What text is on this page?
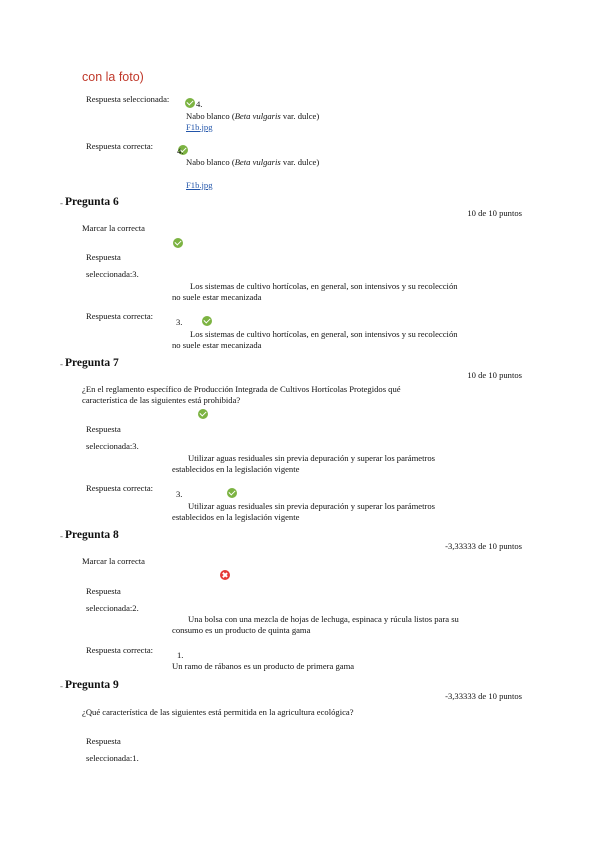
con la foto)
Respuesta seleccionada:
	4.
Nabo blanco (Beta vulgaris var. dulce)
F1b.jpg
Respuesta correcta:
	4.
Nabo blanco (Beta vulgaris var. dulce)
F1b.jpg
- Pregunta 6
10 de 10 puntos
Marcar la correcta

Respuesta
seleccionada:3.
Los sistemas de cultivo hortícolas, en general, son intensivos y su recolección
no suele estar mecanizada
Respuesta correcta:

3.
Los sistemas de cultivo hortícolas, en general, son intensivos y su recolección
no suele estar mecanizada
- Pregunta 7
10 de 10 puntos
¿En el reglamento específico de Producción Integrada de Cultivos Hortícolas Protegidos qué
característica de las siguientes está prohibida?

Respuesta
seleccionada:3.
Utilizar aguas residuales sin previa depuración y superar los parámetros
establecidos en la legislación vigente
Respuesta correcta:

3.
Utilizar aguas residuales sin previa depuración y superar los parámetros
establecidos en la legislación vigente
- Pregunta 8
-3,33333 de 10 puntos
Marcar la correcta
Respuesta
seleccionada:2.
Una bolsa con una mezcla de hojas de lechuga, espinaca y rúcula listos para su
consumo es un producto de quinta gama
Respuesta correcta:	1.
Un ramo de rábanos es un producto de primera gama
- Pregunta 9
-3,33333 de 10 puntos
¿Qué característica de las siguientes está permitida en la agricultura ecológica?
Respuesta
seleccionada:1.
